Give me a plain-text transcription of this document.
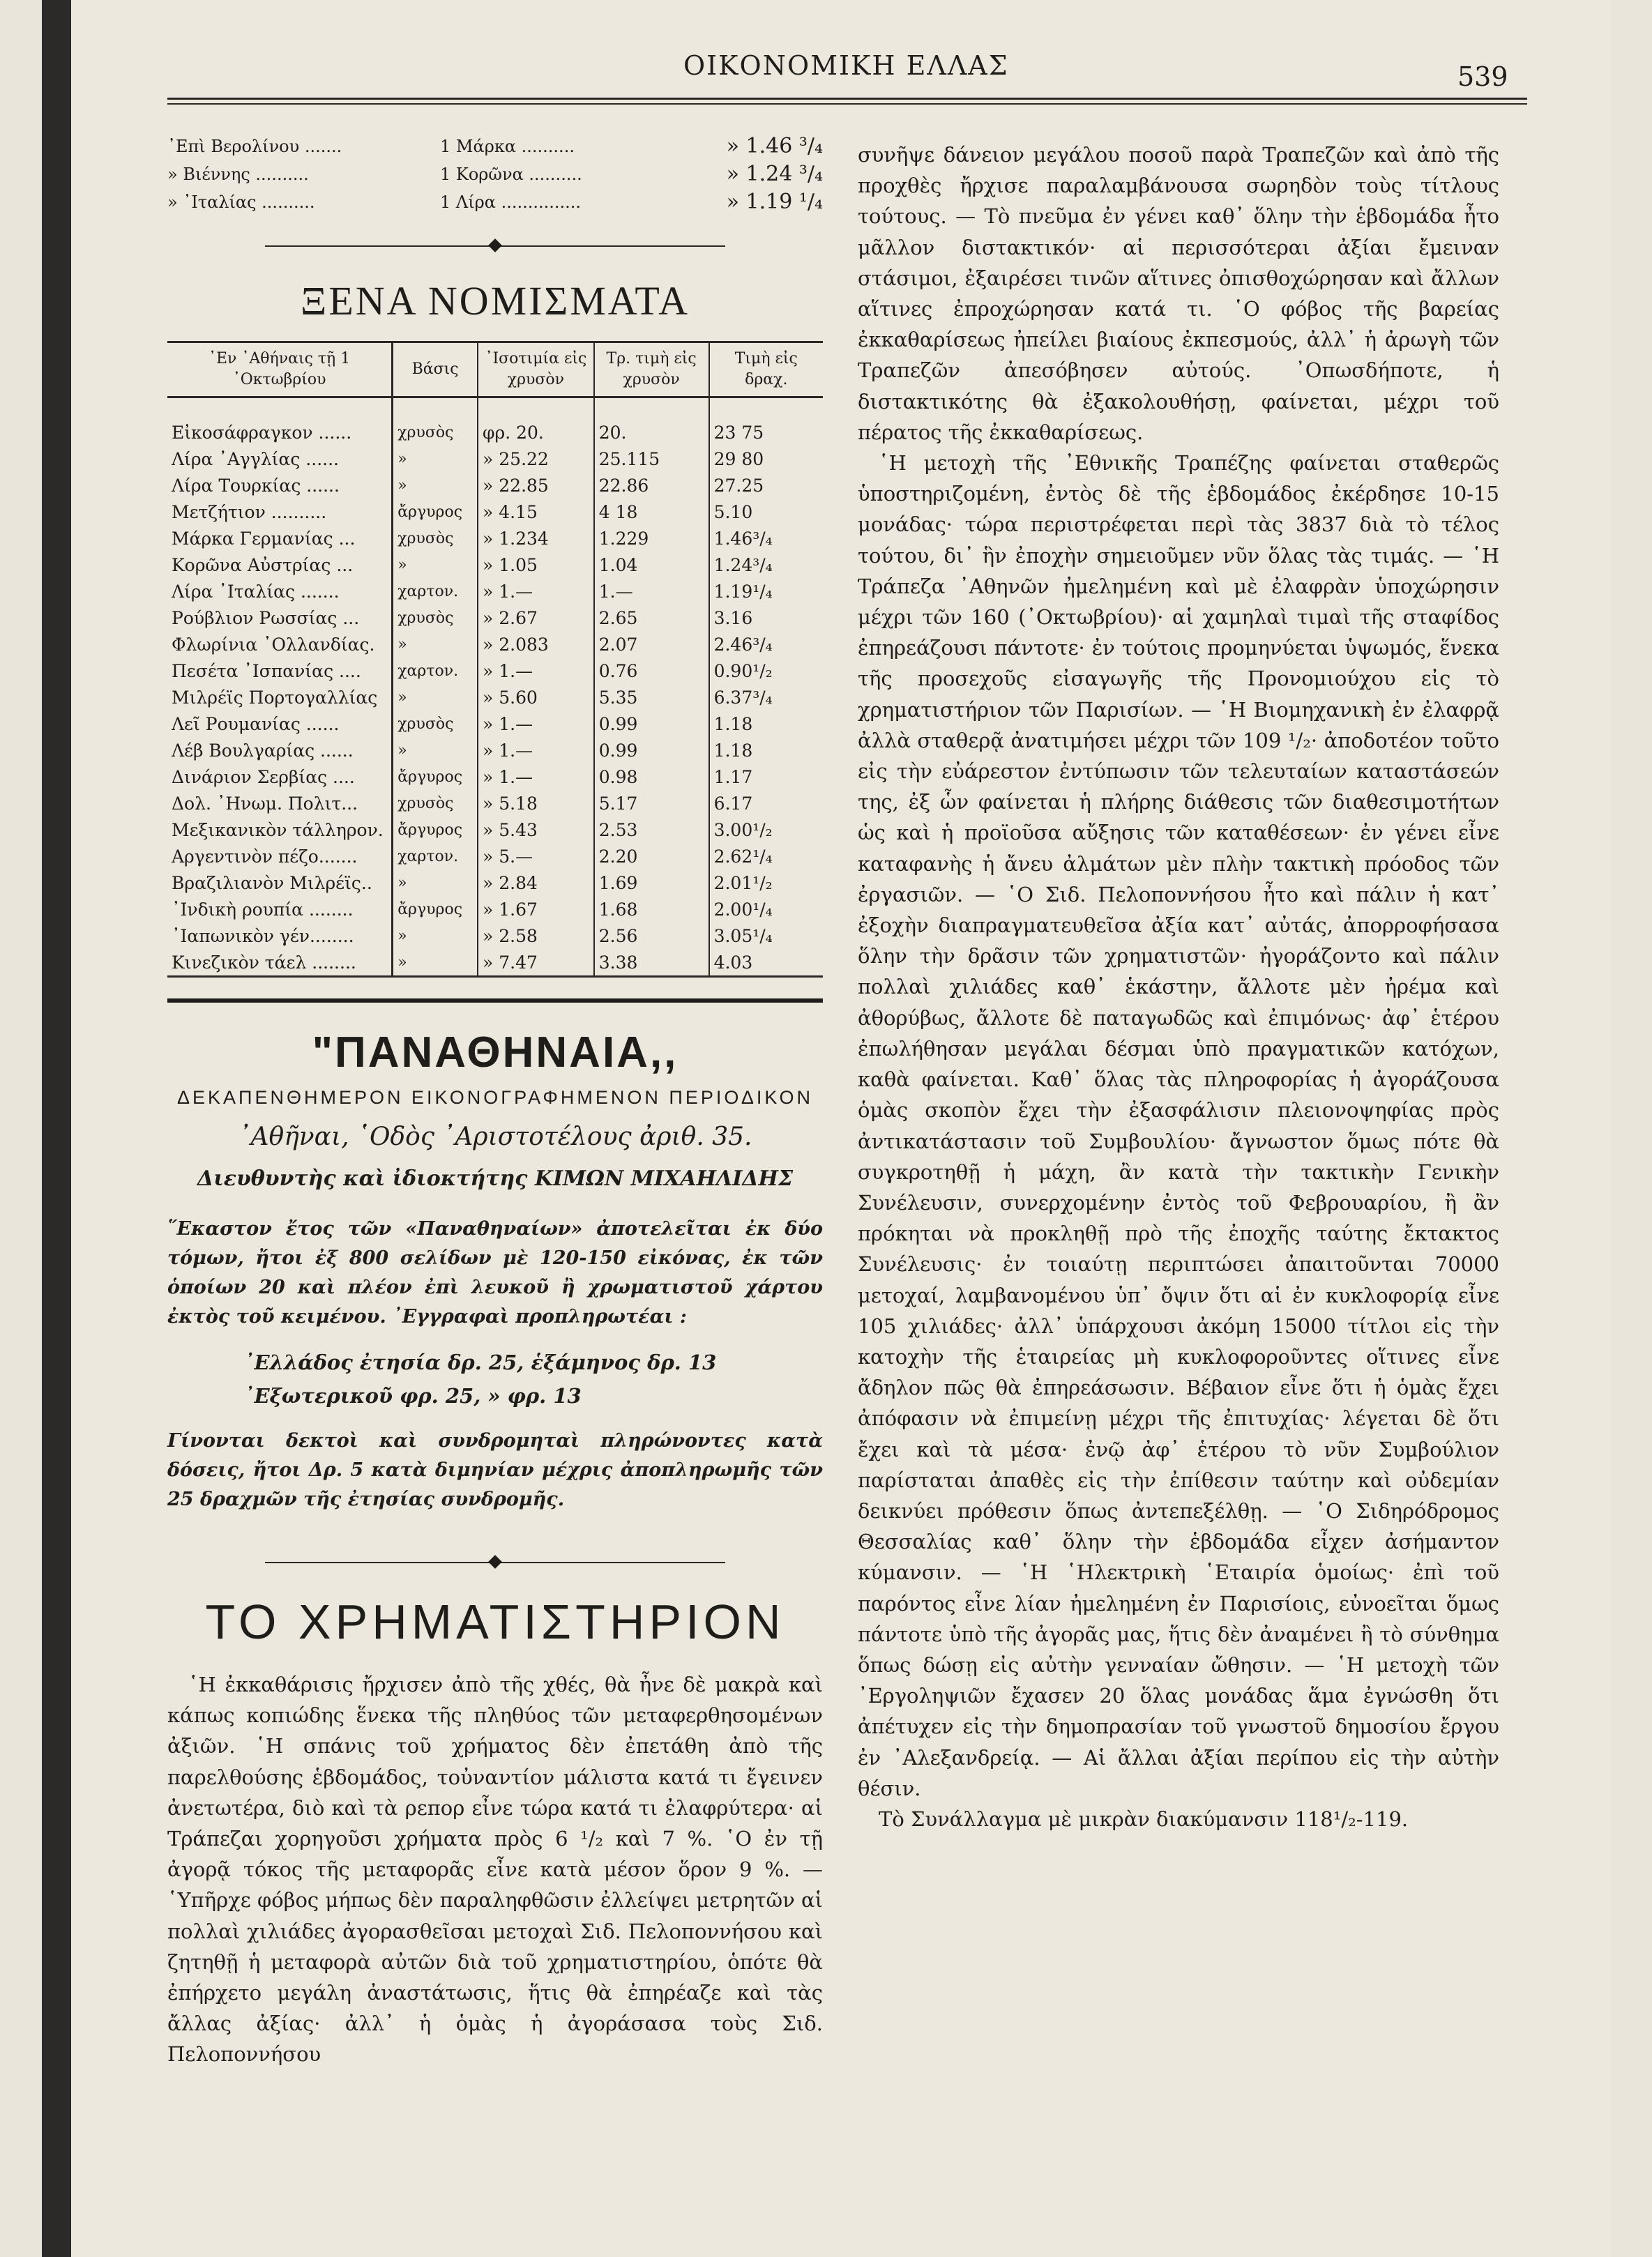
ΟΙΚΟΝΟΜΙΚΗ ΕΛΛΑΣ	539
᾽Επὶ Βερολίνου .......	1 Μάρκα ..........	» 1.46 ³/₄
» Βιέννης ..........	1 Κορῶνα ..........	» 1.24 ³/₄
» ᾽Ιταλίας ..........	1 Λίρα ...............	» 1.19 ¹/₄
ΞΕΝΑ ΝΟΜΙΣΜΑΤΑ
᾽Εν ᾽Αθήναις τῇ 1 ᾽Οκτωβρίου	Βάσις	᾽Ισοτιμία εἰς χρυσὸν	Τρ. τιμὴ εἰς χρυσὸν	Τιμὴ εἰς δραχ.

Εἰκοσάφραγκον ......	χρυσὸς	φρ. 20.	20.	23 75
Λίρα ᾽Αγγλίας ......	»	» 25.22	25.115	29 80
Λίρα Τουρκίας ......	»	» 22.85	22.86	27.25
Μετζήτιον ..........	ἄργυρος	» 4.15	4 18	5.10
Μάρκα Γερμανίας ...	χρυσὸς	» 1.234	1.229	1.46³/₄
Κορῶνα Αὐστρίας ...	»	» 1.05	1.04	1.24³/₄
Λίρα ᾽Ιταλίας .......	χαρτον.	» 1.—	1.—	1.19¹/₄
Ρούβλιον Ρωσσίας ...	χρυσὸς	» 2.67	2.65	3.16
Φλωρίνια ᾽Ολλανδίας.	»	» 2.083	2.07	2.46³/₄
Πεσέτα ᾽Ισπανίας ....	χαρτον.	» 1.—	0.76	0.90¹/₂
Μιλρέϊς Πορτογαλλίας	»	» 5.60	5.35	6.37³/₄
Λεῖ Ρουμανίας ......	χρυσὸς	» 1.—	0.99	1.18
Λέβ Βουλγαρίας ......	»	» 1.—	0.99	1.18
Δινάριον Σερβίας ....	ἄργυρος	» 1.—	0.98	1.17
Δολ. ᾽Ηνωμ. Πολιτ...	χρυσὸς	» 5.18	5.17	6.17
Μεξικανικὸν τάλληρον.	ἄργυρος	» 5.43	2.53	3.00¹/₂
Αργεντινὸν πέζο.......	χαρτον.	» 5.—	2.20	2.62¹/₄
Βραζιλιανὸν Μιλρέϊς..	»	» 2.84	1.69	2.01¹/₂
᾽Ινδικὴ ρουπία ........	ἄργυρος	» 1.67	1.68	2.00¹/₄
᾽Ιαπωνικὸν γέν........	»	» 2.58	2.56	3.05¹/₄
Κινεζικὸν τάελ ........	»	» 7.47	3.38	4.03
"ΠΑΝΑΘΗΝΑΙΑ,,
ΔΕΚΑΠΕΝΘΗΜΕΡΟΝ ΕΙΚΟΝΟΓΡΑΦΗΜΕΝΟΝ ΠΕΡΙΟΔΙΚΟΝ
᾽Αθῆναι, ῾Οδὸς ᾽Αριστοτέλους ἀριθ. 35.
Διευθυντὴς καὶ ἰδιοκτήτης ΚΙΜΩΝ ΜΙΧΑΗΛΙΔΗΣ
῞Εκαστον ἔτος τῶν «Παναθηναίων» ἀποτελεῖται ἐκ δύο τόμων, ἤτοι ἐξ 800 σελίδων μὲ 120-150 εἰκόνας, ἐκ τῶν ὁποίων 20 καὶ πλέον ἐπὶ λευκοῦ ἢ χρωματιστοῦ χάρτου ἐκτὸς τοῦ κειμένου. ᾽Εγγραφαὶ προπληρωτέαι :
᾽Ελλάδος ἐτησία δρ. 25, ἑξάμηνος δρ. 13
᾽Εξωτερικοῦ φρ. 25, » φρ. 13
Γίνονται δεκτοὶ καὶ συνδρομηταὶ πληρώνοντες κατὰ δόσεις, ἤτοι Δρ. 5 κατὰ διμηνίαν μέχρις ἀποπληρωμῆς τῶν 25 δραχμῶν τῆς ἐτησίας συνδρομῆς.
ΤΟ ΧΡΗΜΑΤΙΣΤΗΡΙΟΝ
῾Η ἐκκαθάρισις ἤρχισεν ἀπὸ τῆς χθές, θὰ ἦνε δὲ μακρὰ καὶ κάπως κοπιώδης ἕνεκα τῆς πληθύος τῶν μεταφερθησομένων ἀξιῶν. ῾Η σπάνις τοῦ χρήματος δὲν ἐπετάθη ἀπὸ τῆς παρελθούσης ἑβδομάδος, τοὐναντίον μάλιστα κατά τι ἔγεινεν ἀνετωτέρα, διὸ καὶ τὰ ρεπορ εἶνε τώρα κατά τι ἐλαφρύτερα· αἱ Τράπεζαι χορηγοῦσι χρήματα πρὸς 6 ¹/₂ καὶ 7 %. ῾Ο ἐν τῇ ἀγορᾷ τόκος τῆς μεταφορᾶς εἶνε κατὰ μέσον ὅρον 9 %. — ῾Υπῆρχε φόβος μήπως δὲν παραληφθῶσιν ἐλλείψει μετρητῶν αἱ πολλαὶ χιλιάδες ἀγορασθεῖσαι μετοχαὶ Σιδ. Πελοποννήσου καὶ ζητηθῇ ἡ μεταφορὰ αὐτῶν διὰ τοῦ χρηματιστηρίου, ὁπότε θὰ ἐπήρχετο μεγάλη ἀναστάτωσις, ἥτις θὰ ἐπηρέαζε καὶ τὰς ἄλλας ἀξίας· ἀλλ᾽ ἡ ὁμὰς ἡ ἀγοράσασα τοὺς Σιδ. Πελοποννήσου
συνῆψε δάνειον μεγάλου ποσοῦ παρὰ Τραπεζῶν καὶ ἀπὸ τῆς προχθὲς ἤρχισε παραλαμβάνουσα σωρηδὸν τοὺς τίτλους τούτους. — Τὸ πνεῦμα ἐν γένει καθ᾽ ὅλην τὴν ἑβδομάδα ἦτο μᾶλλον διστακτικόν· αἱ περισσότεραι ἀξίαι ἔμειναν στάσιμοι, ἐξαιρέσει τινῶν αἵτινες ὀπισθοχώρησαν καὶ ἄλλων αἵτινες ἐπροχώρησαν κατά τι. ῾Ο φόβος τῆς βαρείας ἐκκαθαρίσεως ἠπείλει βιαίους ἐκπεσμούς, ἀλλ᾽ ἡ ἀρωγὴ τῶν Τραπεζῶν ἀπεσόβησεν αὐτούς. ᾽Οπωσδήποτε, ἡ διστακτικότης θὰ ἐξακολουθήσῃ, φαίνεται, μέχρι τοῦ πέρατος τῆς ἐκκαθαρίσεως.
῾Η μετοχὴ τῆς ᾽Εθνικῆς Τραπέζης φαίνεται σταθερῶς ὑποστηριζομένη, ἐντὸς δὲ τῆς ἑβδομάδος ἐκέρδησε 10-15 μονάδας· τώρα περιστρέφεται περὶ τὰς 3837 διὰ τὸ τέλος τούτου, δι᾽ ἣν ἐποχὴν σημειοῦμεν νῦν ὅλας τὰς τιμάς. — ῾Η Τράπεζα ᾽Αθηνῶν ἠμελημένη καὶ μὲ ἐλαφρὰν ὑποχώρησιν μέχρι τῶν 160 (᾽Οκτωβρίου)· αἱ χαμηλαὶ τιμαὶ τῆς σταφίδος ἐπηρεάζουσι πάντοτε· ἐν τούτοις προμηνύεται ὑψωμός, ἕνεκα τῆς προσεχοῦς εἰσαγωγῆς τῆς Προνομιούχου εἰς τὸ χρηματιστήριον τῶν Παρισίων. — ῾Η Βιομηχανικὴ ἐν ἐλαφρᾷ ἀλλὰ σταθερᾷ ἀνατιμήσει μέχρι τῶν 109 ¹/₂· ἀποδοτέον τοῦτο εἰς τὴν εὐάρεστον ἐντύπωσιν τῶν τελευταίων καταστάσεών της, ἐξ ὧν φαίνεται ἡ πλήρης διάθεσις τῶν διαθεσιμοτήτων ὡς καὶ ἡ προϊοῦσα αὔξησις τῶν καταθέσεων· ἐν γένει εἶνε καταφανὴς ἡ ἄνευ ἀλμάτων μὲν πλὴν τακτικὴ πρόοδος τῶν ἐργασιῶν. — ῾Ο Σιδ. Πελοποννήσου ἦτο καὶ πάλιν ἡ κατ᾽ ἐξοχὴν διαπραγματευθεῖσα ἀξία κατ᾽ αὐτάς, ἀπορροφήσασα ὅλην τὴν δρᾶσιν τῶν χρηματιστῶν· ἠγοράζοντο καὶ πάλιν πολλαὶ χιλιάδες καθ᾽ ἑκάστην, ἄλλοτε μὲν ἠρέμα καὶ ἀθορύβως, ἄλλοτε δὲ παταγωδῶς καὶ ἐπιμόνως· ἀφ᾽ ἑτέρου ἐπωλήθησαν μεγάλαι δέσμαι ὑπὸ πραγματικῶν κατόχων, καθὰ φαίνεται. Καθ᾽ ὅλας τὰς πληροφορίας ἡ ἀγοράζουσα ὁμὰς σκοπὸν ἔχει τὴν ἐξασφάλισιν πλειονοψηφίας πρὸς ἀντικατάστασιν τοῦ Συμβουλίου· ἄγνωστον ὅμως πότε θὰ συγκροτηθῇ ἡ μάχη, ἂν κατὰ τὴν τακτικὴν Γενικὴν Συνέλευσιν, συνερχομένην ἐντὸς τοῦ Φεβρουαρίου, ἢ ἂν πρόκηται νὰ προκληθῇ πρὸ τῆς ἐποχῆς ταύτης ἔκτακτος Συνέλευσις· ἐν τοιαύτῃ περιπτώσει ἀπαιτοῦνται 70000 μετοχαί, λαμβανομένου ὑπ᾽ ὄψιν ὅτι αἱ ἐν κυκλοφορίᾳ εἶνε 105 χιλιάδες· ἀλλ᾽ ὑπάρχουσι ἀκόμη 15000 τίτλοι εἰς τὴν κατοχὴν τῆς ἑταιρείας μὴ κυκλοφοροῦντες οἵτινες εἶνε ἄδηλον πῶς θὰ ἐπηρεάσωσιν. Βέβαιον εἶνε ὅτι ἡ ὁμὰς ἔχει ἀπόφασιν νὰ ἐπιμείνῃ μέχρι τῆς ἐπιτυχίας· λέγεται δὲ ὅτι ἔχει καὶ τὰ μέσα· ἐνῷ ἀφ᾽ ἑτέρου τὸ νῦν Συμβούλιον παρίσταται ἀπαθὲς εἰς τὴν ἐπίθεσιν ταύτην καὶ οὐδεμίαν δεικνύει πρόθεσιν ὅπως ἀντεπεξέλθῃ. — ῾Ο Σιδηρόδρομος Θεσσαλίας καθ᾽ ὅλην τὴν ἑβδομάδα εἶχεν ἀσήμαντον κύμανσιν. — ῾Η ῾Ηλεκτρικὴ ῾Εταιρία ὁμοίως· ἐπὶ τοῦ παρόντος εἶνε λίαν ἠμελημένη ἐν Παρισίοις, εὐνοεῖται ὅμως πάντοτε ὑπὸ τῆς ἀγορᾶς μας, ἥτις δὲν ἀναμένει ἢ τὸ σύνθημα ὅπως δώσῃ εἰς αὐτὴν γενναίαν ὤθησιν. — ῾Η μετοχὴ τῶν ᾽Εργοληψιῶν ἔχασεν 20 ὅλας μονάδας ἅμα ἐγνώσθη ὅτι ἀπέτυχεν εἰς τὴν δημοπρασίαν τοῦ γνωστοῦ δημοσίου ἔργου ἐν ᾽Αλεξανδρείᾳ. — Αἱ ἄλλαι ἀξίαι περίπου εἰς τὴν αὐτὴν θέσιν.
Τὸ Συνάλλαγμα μὲ μικρὰν διακύμανσιν 118¹/₂-119.
